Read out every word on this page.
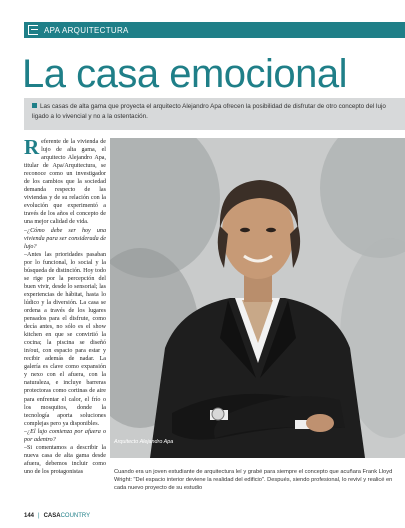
APA ARQUITECTURA
La casa emocional
Las casas de alta gama que proyecta el arquitecto Alejandro Apa ofrecen la posibilidad de disfrutar de otro concepto del lujo ligado a lo vivencial y no a la ostentación.

Referente de la vivienda de lujo de alta gama, el arquitecto Alejandro Apa, titular de Apa/Arquitectura, se reconoce como un investigador de los cambios que la sociedad demanda respecto de las viviendas y de su relación con la evolución que experimentó a través de los años el concepto de una mejor calidad de vida.

–¿Cómo debe ser hoy una vivienda para ser considerada de lujo?

–Antes las prioridades pasaban por lo funcional, lo social y la búsqueda de distinción. Hoy todo se rige por la percepción del buen vivir, desde lo sensorial; las experiencias de hábitat, hasta lo lúdico y la diversión. La casa se ordena a través de los lugares pensados para el disfrute, como decía antes, no sólo es el show kitchen en que se convirtió la cocina; la piscina se diseñó in/out, con espacio para estar y recibir además de nadar. La galería es clave como expansión y nexo con el afuera, con la naturaleza, e incluye barreras protectoras como cortinas de aire para enfrentar el calor, el frío o los mosquitos, donde la tecnología aporta soluciones complejas pero ya disponibles.

–¿El lujo comienza por afuera o por adentro?

–Si comentamos a describir la nueva casa de alta gama desde afuera, debemos incluir como uno de los protagonistas

Arquitecto Alejandro Apa
Cuando era un joven estudiante de arquitectura leí y grabé para siempre el concepto que acuñara Frank Lloyd Wright: "Del espacio interior deviene la realidad del edificio". Después, siendo profesional, lo reviví y realicé en cada nuevo proyecto de su estudio
144 | CASA COUNTRY
